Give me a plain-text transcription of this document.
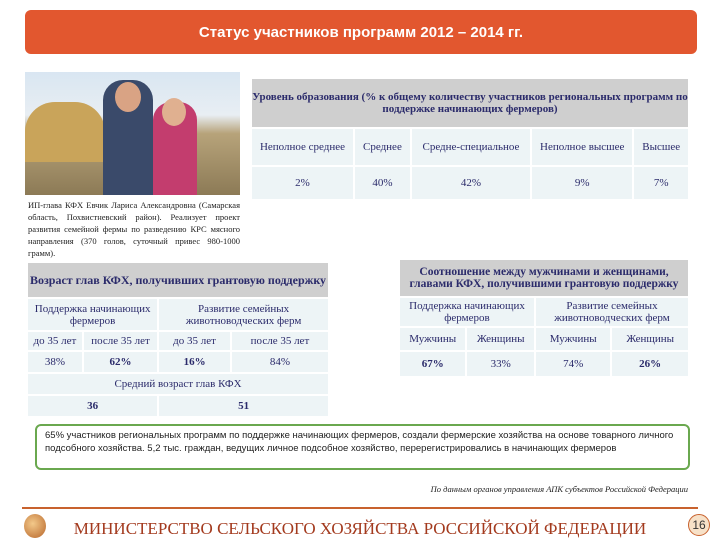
Статус участников программ 2012 – 2014 гг.
ИП-глава КФХ Евчик Лариса Александровна (Самарская область, Похвистневский район). Реализует проект развития семейной фермы по разведению КРС мясного направления (370 голов, суточный привес 980-1000 грамм).
Уровень образования (% к общему количеству участников региональных программ по поддержке начинающих фермеров)				
Неполное среднее	Среднее	Средне-специальное	Неполное высшее	Высшее
2%	40%	42%	9%	7%
Возраст глав КФХ, получивших грантовую поддержку			
Поддержка начинающих фермеров		Развитие семейных животноводческих ферм	
до 35 лет	после 35 лет	до 35 лет	после 35 лет
38%	62%	16%	84%
Средний возраст глав КФХ			
36		51	
Соотношение между мужчинами и женщинами, главами КФХ, получившими грантовую поддержку			
Поддержка начинающих фермеров		Развитие семейных животноводческих ферм	
Мужчины	Женщины	Мужчины	Женщины
67%	33%	74%	26%
65% участников региональных программ по поддержке начинающих фермеров, создали фермерские хозяйства на основе товарного личного подсобного хозяйства. 5,2 тыс. граждан, ведущих личное подсобное хозяйство, перерегистрировались в начинающих фермеров
По данным органов управления АПК субъектов Российской Федерации
МИНИСТЕРСТВО СЕЛЬСКОГО ХОЗЯЙСТВА РОССИЙСКОЙ ФЕДЕРАЦИИ	16
